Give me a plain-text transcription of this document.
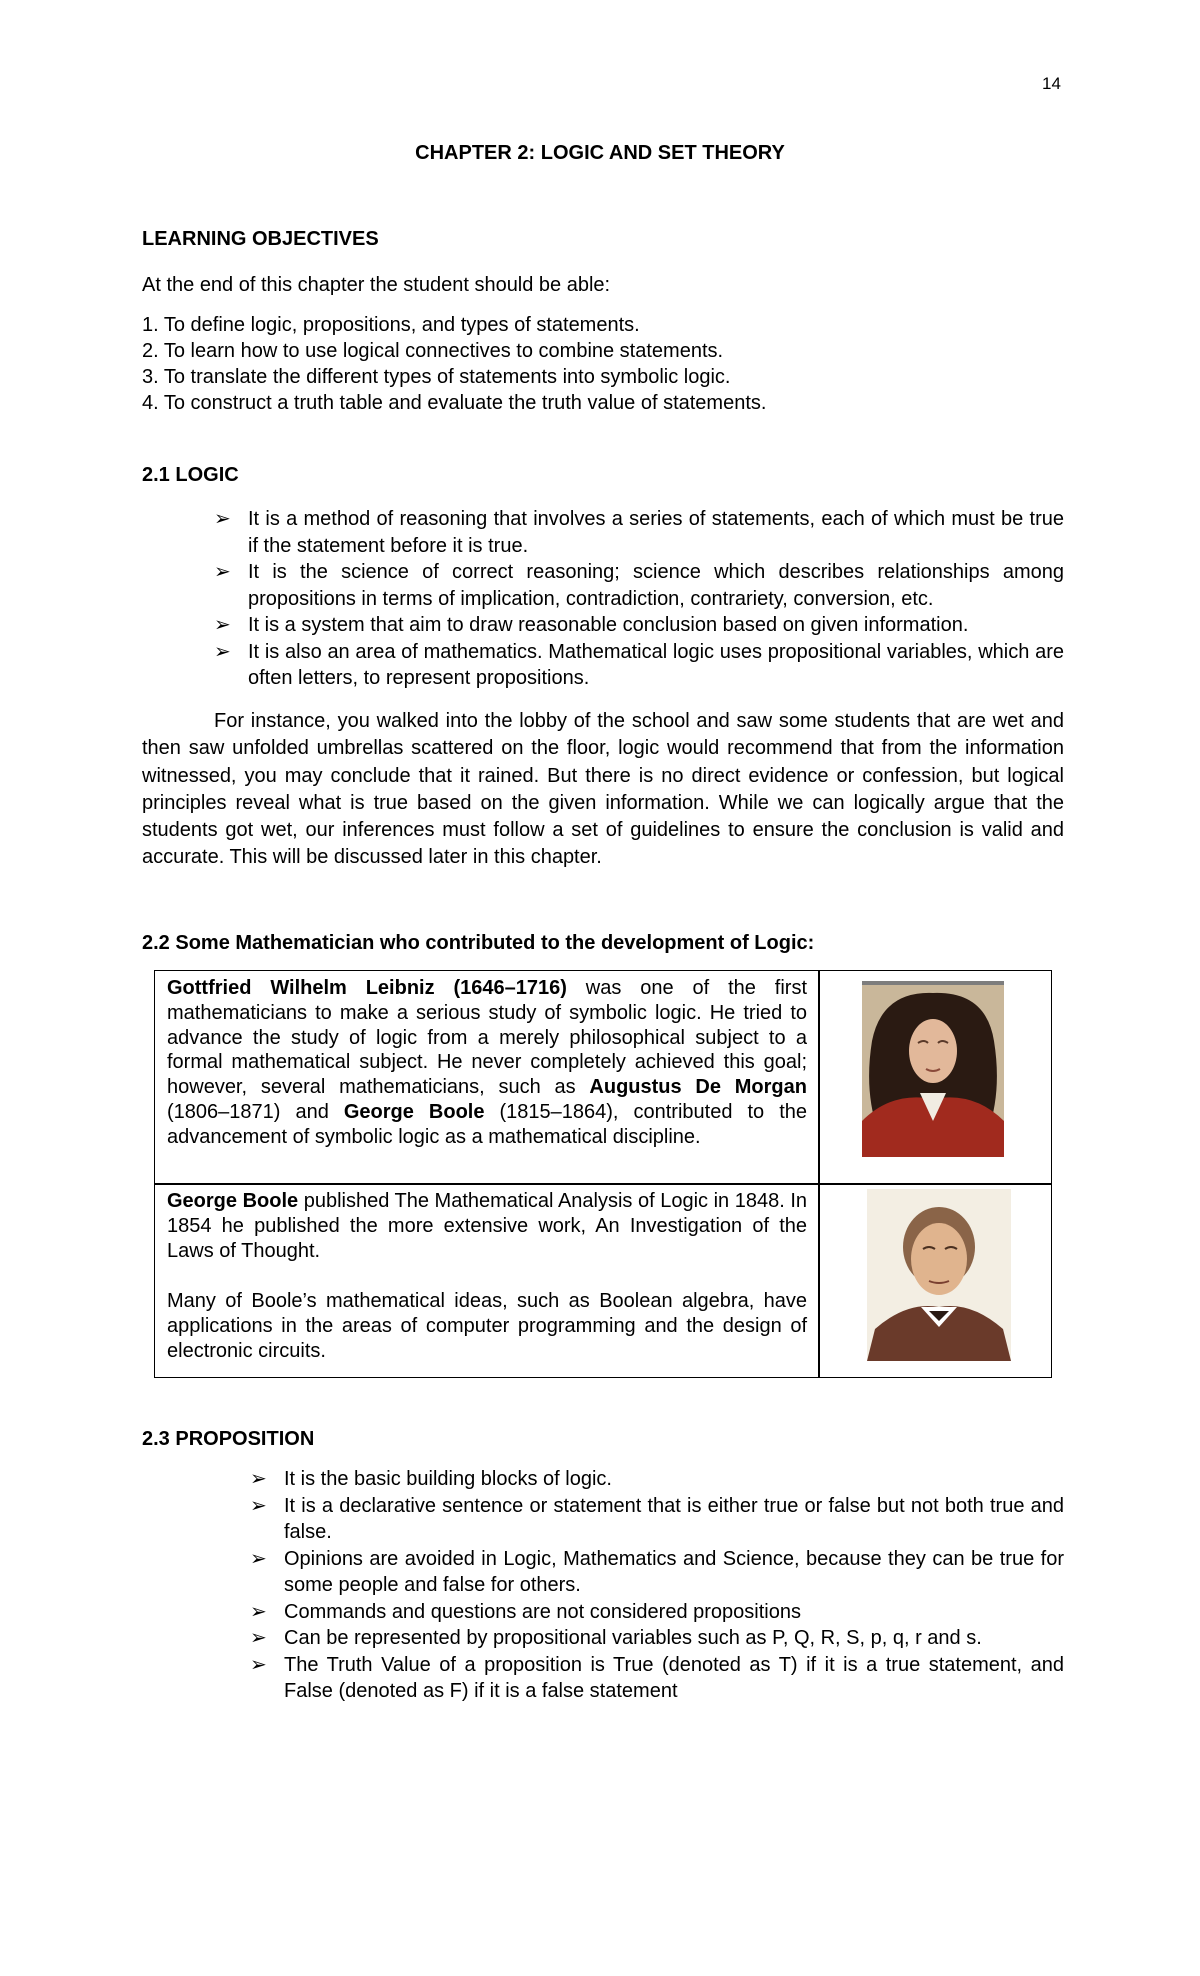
14
CHAPTER 2: LOGIC AND SET THEORY
LEARNING OBJECTIVES
At the end of this chapter the student should be able:
1. To define logic, propositions, and types of statements.
2. To learn how to use logical connectives to combine statements.
3. To translate the different types of statements into symbolic logic.
4. To construct a truth table and evaluate the truth value of statements.
2.1 LOGIC
➢ It is a method of reasoning that involves a series of statements, each of which must be true if the statement before it is true.
➢ It is the science of correct reasoning; science which describes relationships among propositions in terms of implication, contradiction, contrariety, conversion, etc.
➢ It is a system that aim to draw reasonable conclusion based on given information.
➢ It is also an area of mathematics. Mathematical logic uses propositional variables, which are often letters, to represent propositions.

For instance, you walked into the lobby of the school and saw some students that are wet and then saw unfolded umbrellas scattered on the floor, logic would recommend that from the information witnessed, you may conclude that it rained. But there is no direct evidence or confession, but logical principles reveal what is true based on the given information. While we can logically argue that the students got wet, our inferences must follow a set of guidelines to ensure the conclusion is valid and accurate. This will be discussed later in this chapter.

2.2 Some Mathematician who contributed to the development of Logic:

Gottfried Wilhelm Leibniz (1646–1716) was one of the first mathematicians to make a serious study of symbolic logic. He tried to advance the study of logic from a merely philosophical subject to a formal mathematical subject. He never completely achieved this goal; however, several mathematicians, such as Augustus De Morgan (1806–1871) and George Boole (1815–1864), contributed to the advancement of symbolic logic as a mathematical discipline.

George Boole published The Mathematical Analysis of Logic in 1848. In 1854 he published the more extensive work, An Investigation of the Laws of Thought.

Many of Boole’s mathematical ideas, such as Boolean algebra, have applications in the areas of computer programming and the design of electronic circuits.

2.3 PROPOSITION
➢ It is the basic building blocks of logic.
➢ It is a declarative sentence or statement that is either true or false but not both true and false.
➢ Opinions are avoided in Logic, Mathematics and Science, because they can be true for some people and false for others.
➢ Commands and questions are not considered propositions
➢ Can be represented by propositional variables such as P, Q, R, S, p, q, r and s.
➢ The Truth Value of a proposition is True (denoted as T) if it is a true statement, and False (denoted as F) if it is a false statement
